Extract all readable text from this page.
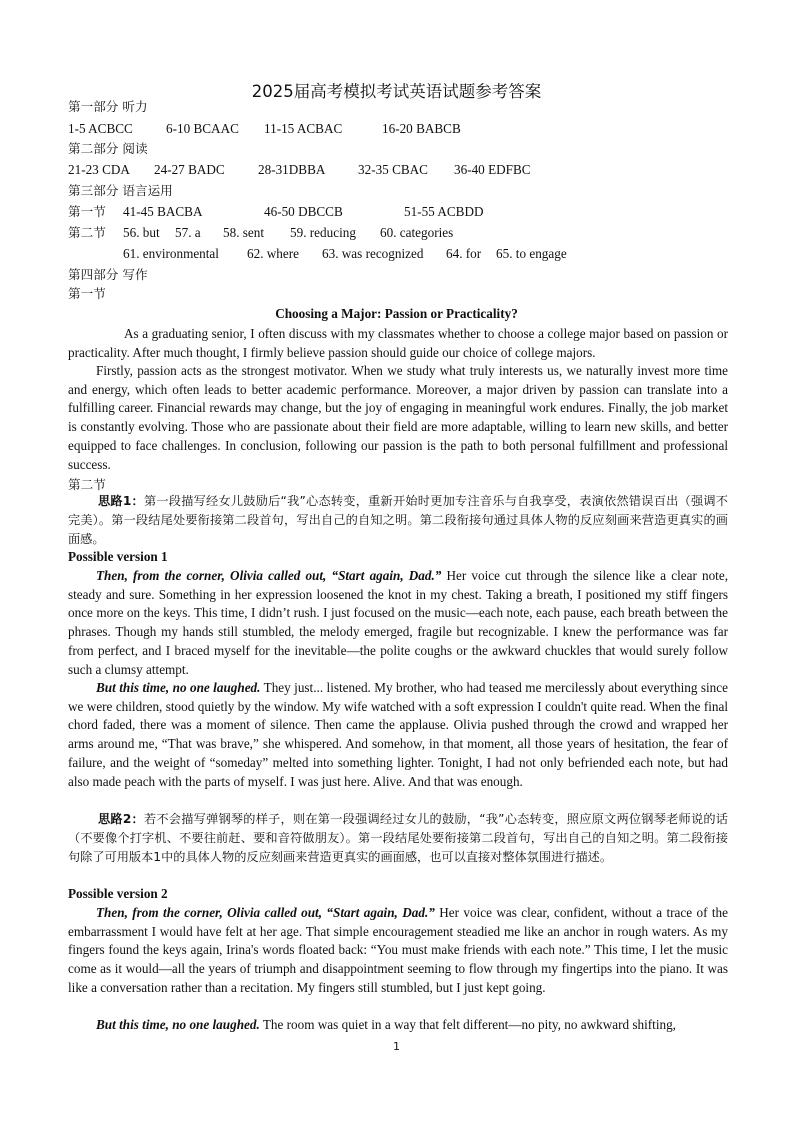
2025届高考模拟考试英语试题参考答案
第一部分 听力
1-5 ACBCC	6-10 BCAAC 11-15 ACBAC	16-20 BABCB
第二部分 阅读
21-23 CDA 24-27 BADC	28-31DBBA 32-35 CBAC 36-40 EDFBC
第三部分 语言运用
第一节 41-45 BACBA	46-50 DBCCB	51-55 ACBDD
第二节 56. but 57. a 58. sent 59. reducing 60. categories
61. environmental 62. where 63. was recognized 64. for 65. to engage
第四部分 写作
第一节
Choosing a Major: Passion or Practicality?

As a graduating senior, I often discuss with my classmates whether to choose a college major based on passion or practicality. After much thought, I firmly believe passion should guide our choice of college majors.

Firstly, passion acts as the strongest motivator. When we study what truly interests us, we naturally invest more time and energy, which often leads to better academic performance. Moreover, a major driven by passion can translate into a fulfilling career. Financial rewards may change, but the joy of engaging in meaningful work endures. Finally, the job market is constantly evolving. Those who are passionate about their field are more adaptable, willing to learn new skills, and better equipped to face challenges. In conclusion, following our passion is the path to both personal fulfillment and professional success.

第二节

思路1：第一段描写经女儿鼓励后“我”心态转变，重新开始时更加专注音乐与自我享受，表演依然错误百出（强调不完美）。第一段结尾处要衔接第二段首句，写出自己的自知之明。第二段衔接句通过具体人物的反应刻画来营造更真实的画面感。

Possible version 1

Then, from the corner, Olivia called out, “Start again, Dad.” Her voice cut through the silence like a clear note, steady and sure. Something in her expression loosened the knot in my chest. Taking a breath, I positioned my stiff fingers once more on the keys. This time, I didn’t rush. I just focused on the music—each note, each pause, each breath between the phrases. Though my hands still stumbled, the melody emerged, fragile but recognizable. I knew the performance was far from perfect, and I braced myself for the inevitable—the polite coughs or the awkward chuckles that would surely follow such a clumsy attempt.

But this time, no one laughed. They just... listened. My brother, who had teased me mercilessly about everything since we were children, stood quietly by the window. My wife watched with a soft expression I couldn't quite read. When the final chord faded, there was a moment of silence. Then came the applause. Olivia pushed through the crowd and wrapped her arms around me, “That was brave,” she whispered. And somehow, in that moment, all those years of hesitation, the fear of failure, and the weight of “someday” melted into something lighter. Tonight, I had not only befriended each note, but had also made peach with the parts of myself. I was just here. Alive. And that was enough.

思路2：若不会描写弹钢琴的样子，则在第一段强调经过女儿的鼓励，“我”心态转变，照应原文两位钢琴老师说的话（不要像个打字机、不要往前赶、要和音符做朋友）。第一段结尾处要衔接第二段首句，写出自己的自知之明。第二段衔接句除了可用版本1中的具体人物的反应刻画来营造更真实的画面感，也可以直接对整体氛围进行描述。

Possible version 2

Then, from the corner, Olivia called out, “Start again, Dad.” Her voice was clear, confident, without a trace of the embarrassment I would have felt at her age. That simple encouragement steadied me like an anchor in rough waters. As my fingers found the keys again, Irina's words floated back: “You must make friends with each note.” This time, I let the music come as it would—all the years of triumph and disappointment seeming to flow through my fingertips into the piano. It was like a conversation rather than a recitation. My fingers still stumbled, but I just kept going.

But this time, no one laughed. The room was quiet in a way that felt different—no pity, no awkward shifting,

1
